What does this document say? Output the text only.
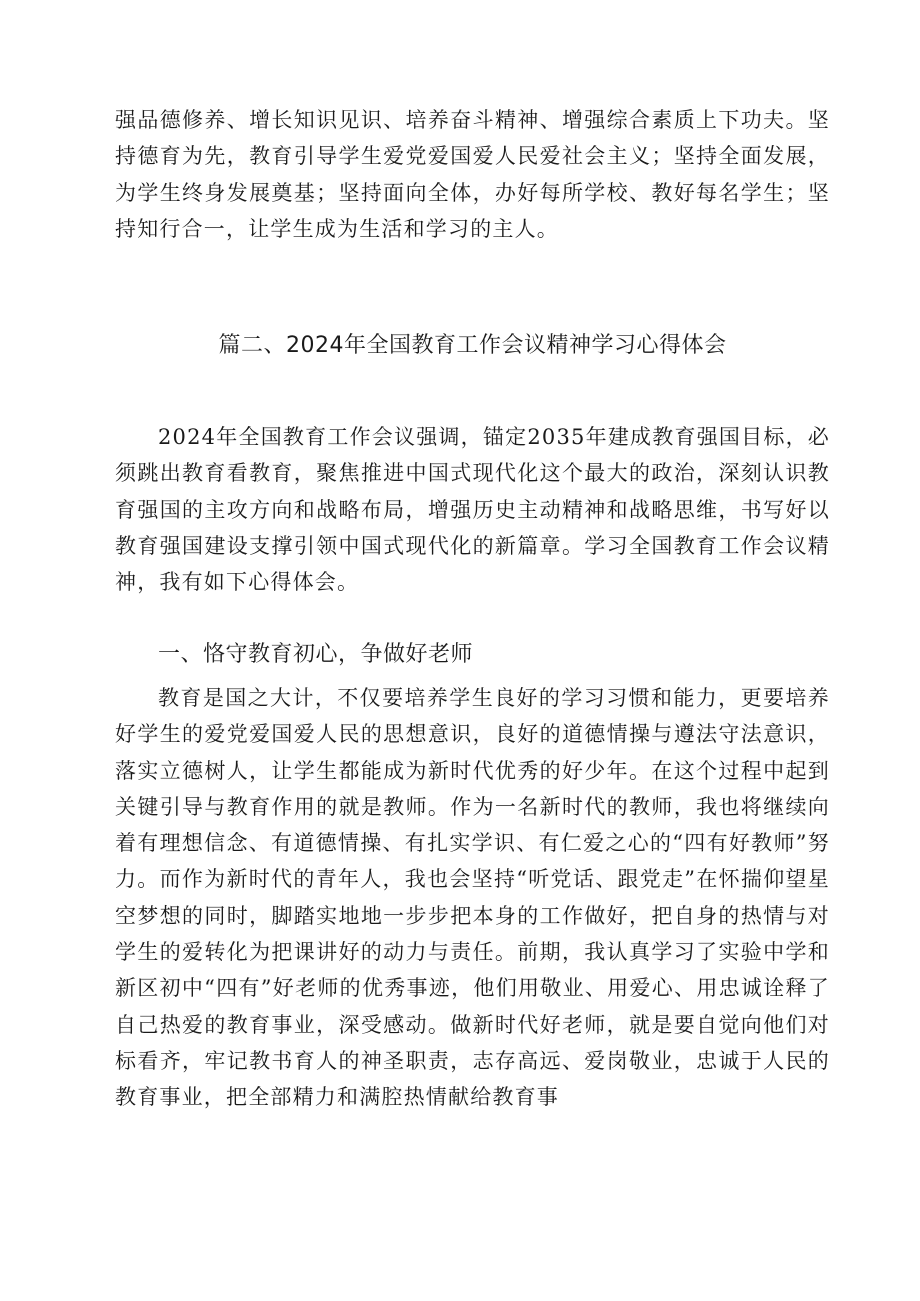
强品德修养、增长知识见识、培养奋斗精神、增强综合素质上下功夫。坚持德育为先，教育引导学生爱党爱国爱人民爱社会主义；坚持全面发展，为学生终身发展奠基；坚持面向全体，办好每所学校、教好每名学生；坚持知行合一，让学生成为生活和学习的主人。

篇二、2024年全国教育工作会议精神学习心得体会

2024年全国教育工作会议强调，锚定2035年建成教育强国目标，必须跳出教育看教育，聚焦推进中国式现代化这个最大的政治，深刻认识教育强国的主攻方向和战略布局，增强历史主动精神和战略思维，书写好以教育强国建设支撑引领中国式现代化的新篇章。学习全国教育工作会议精神，我有如下心得体会。

一、恪守教育初心，争做好老师

教育是国之大计，不仅要培养学生良好的学习习惯和能力，更要培养好学生的爱党爱国爱人民的思想意识，良好的道德情操与遵法守法意识，落实立德树人，让学生都能成为新时代优秀的好少年。在这个过程中起到关键引导与教育作用的就是教师。作为一名新时代的教师，我也将继续向着有理想信念、有道德情操、有扎实学识、有仁爱之心的“四有好教师”努力。而作为新时代的青年人，我也会坚持“听党话、跟党走”在怀揣仰望星空梦想的同时，脚踏实地地一步步把本身的工作做好，把自身的热情与对学生的爱转化为把课讲好的动力与责任。前期，我认真学习了实验中学和新区初中“四有”好老师的优秀事迹，他们用敬业、用爱心、用忠诚诠释了自己热爱的教育事业，深受感动。做新时代好老师，就是要自觉向他们对标看齐，牢记教书育人的神圣职责，志存高远、爱岗敬业，忠诚于人民的教育事业，把全部精力和满腔热情献给教育事
